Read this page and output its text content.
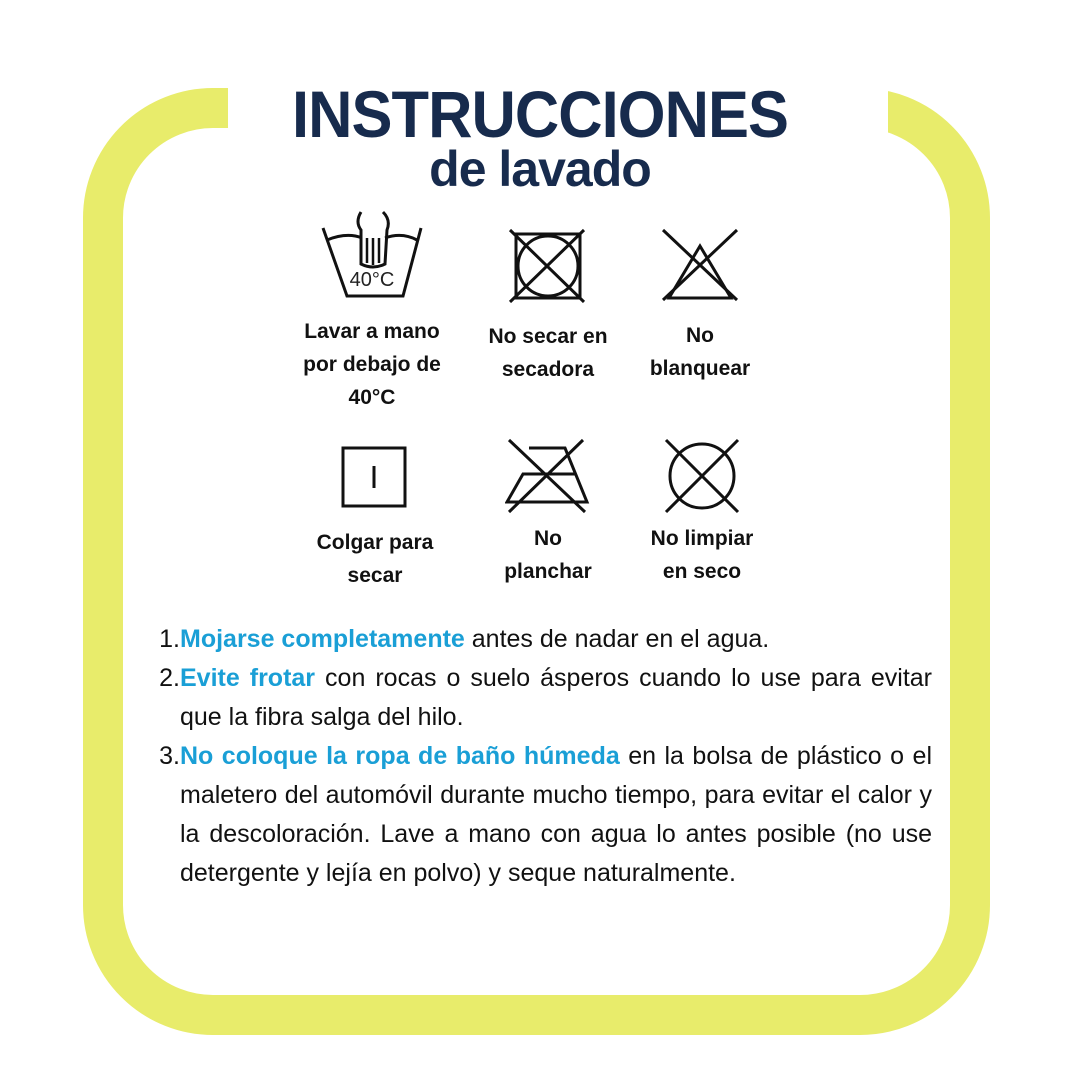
INSTRUCCIONES
de lavado
40°C
Lavar a mano
por debajo de
40°C
No secar en
secadora
No
blanquear
Colgar para
secar
No
planchar
No limpiar
en seco
1. Mojarse completamente antes de nadar en el agua.
2. Evite frotar con rocas o suelo ásperos cuando lo use para evitar que la fibra salga del hilo.
3. No coloque la ropa de baño húmeda en la bolsa de plástico o el maletero del automóvil durante mucho tiempo, para evitar el calor y la descoloración. Lave a mano con agua lo antes posible (no use detergente y lejía en polvo) y seque naturalmente.
